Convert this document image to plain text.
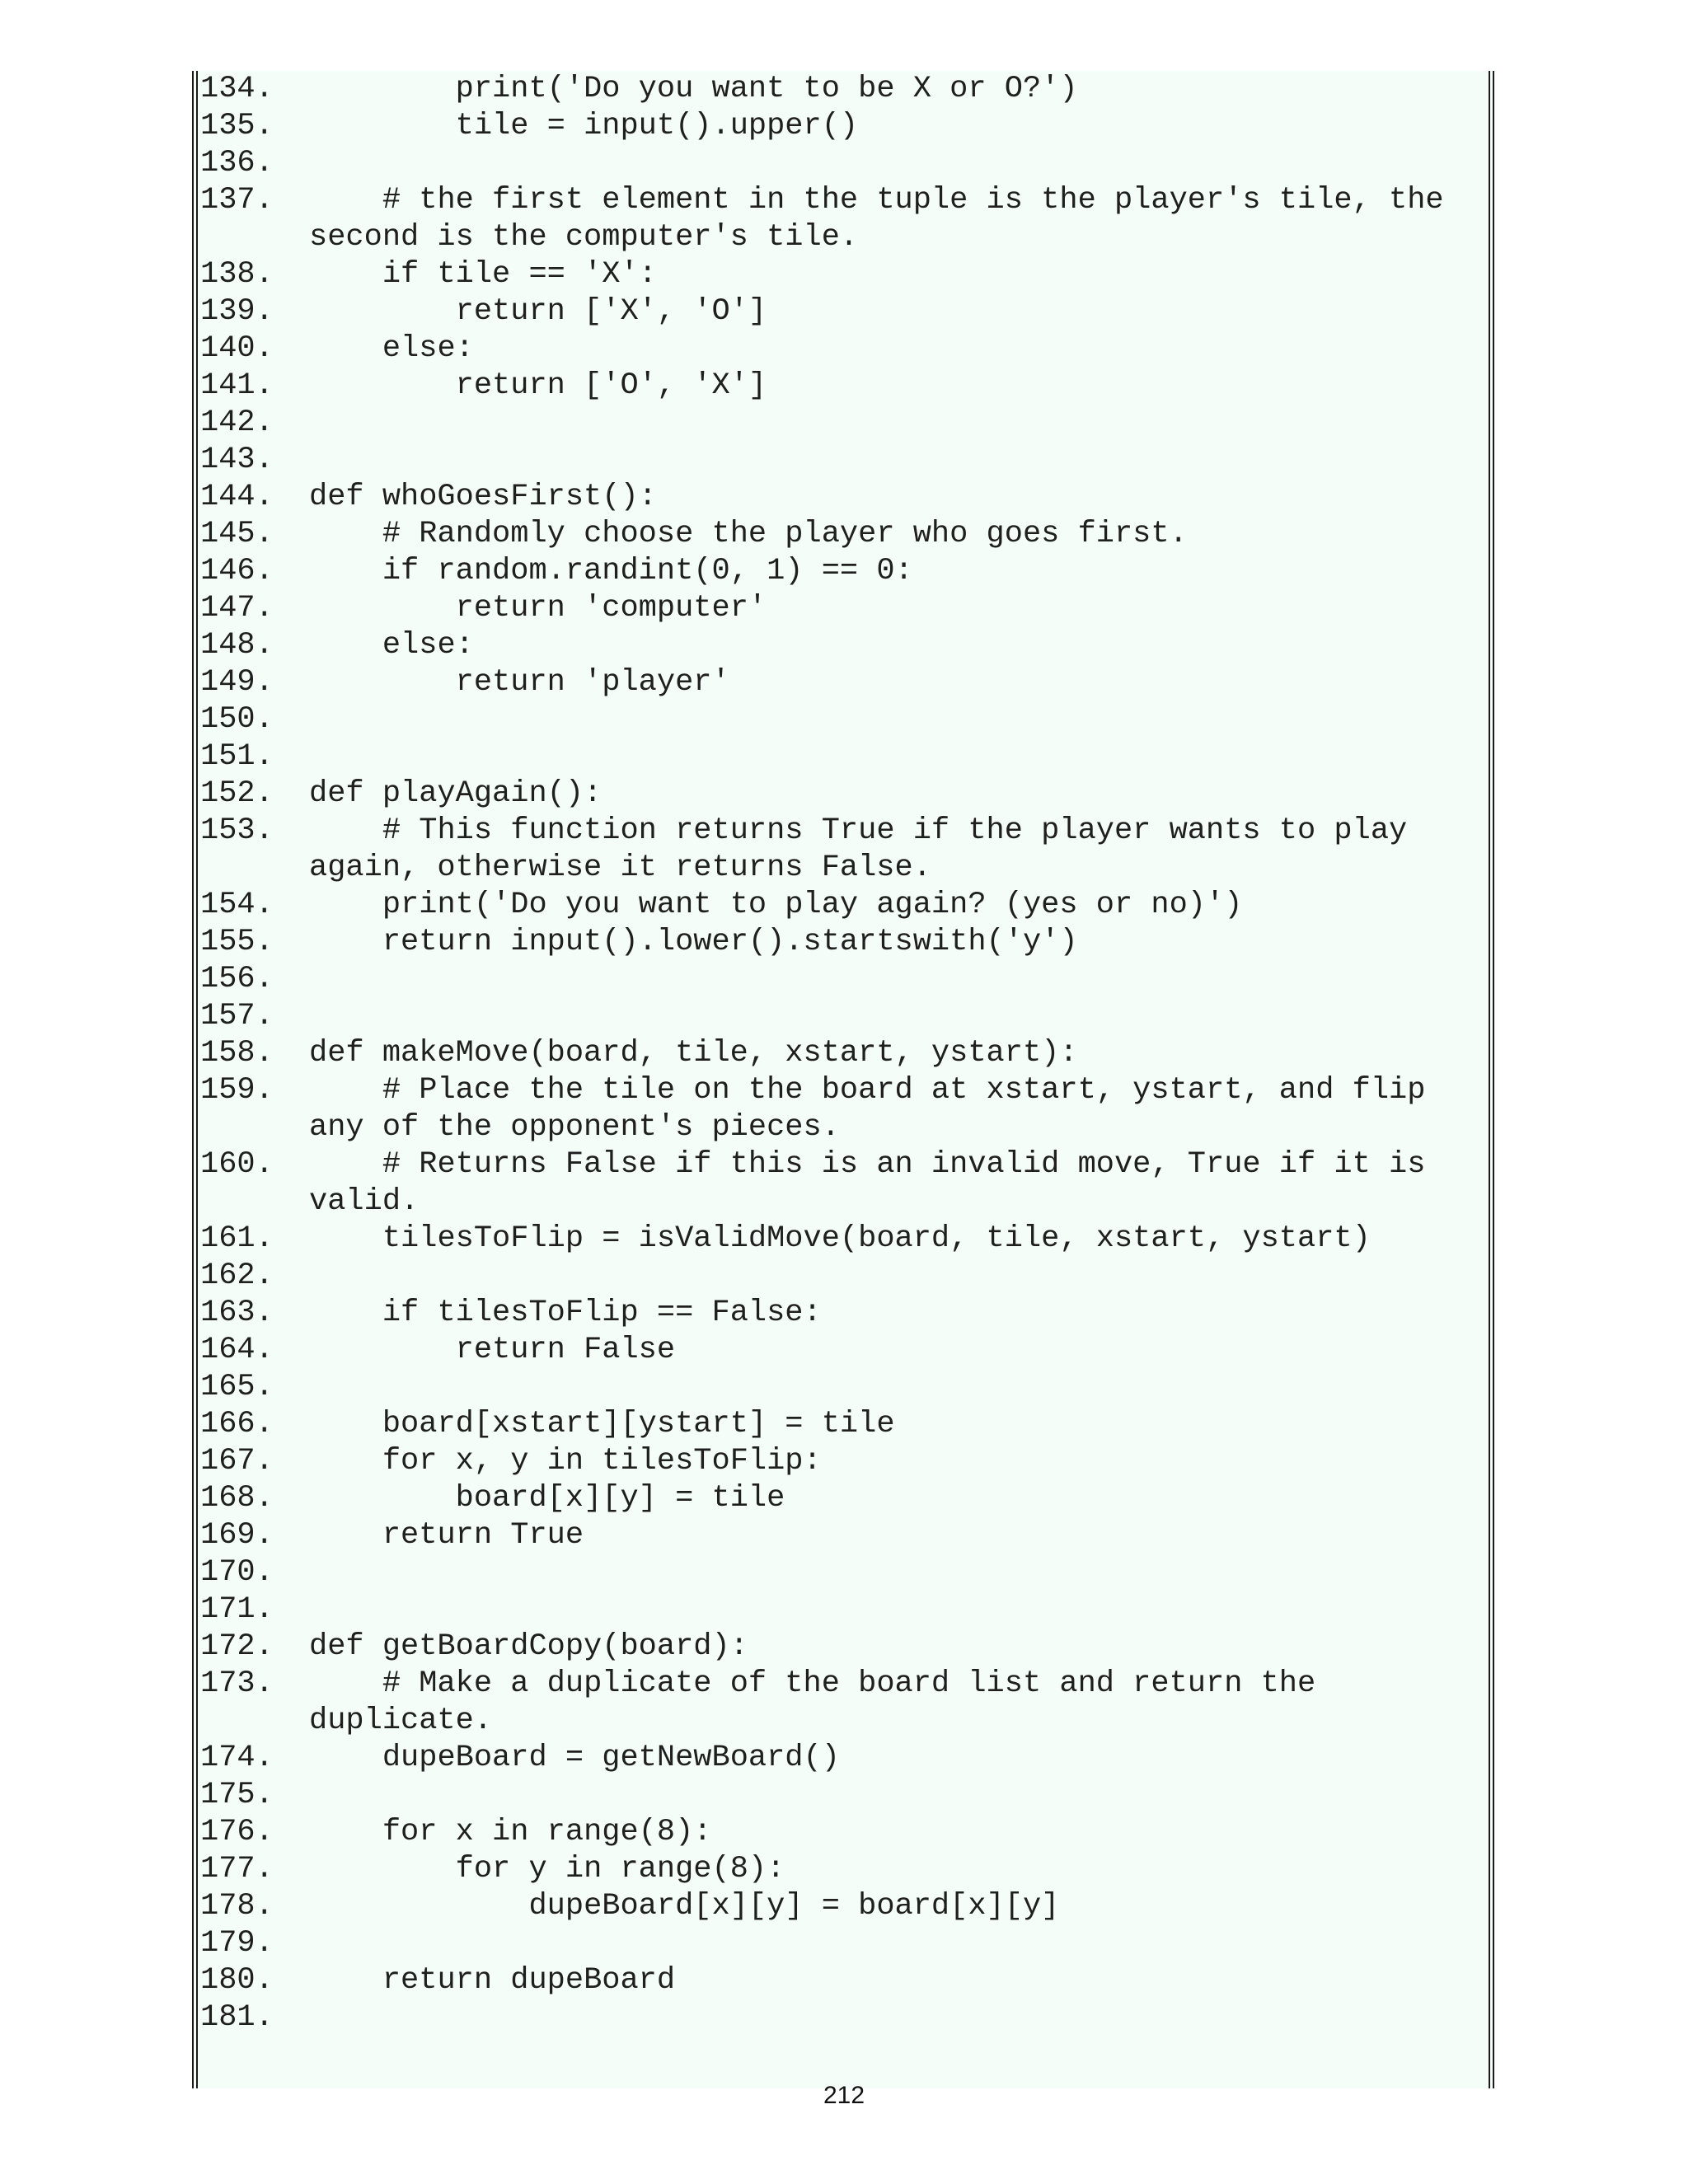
134.	print('Do you want to be X or O?')
135.	tile = input().upper()
136.
137.	# the first element in the tuple is the player's tile, the second is the computer's tile.
138.	if tile == 'X':
139.	return ['X', 'O']
140.	else:
141.	return ['O', 'X']
142.
143.
144.	def whoGoesFirst():
145.	# Randomly choose the player who goes first.
146.	if random.randint(0, 1) == 0:
147.	return 'computer'
148.	else:
149.	return 'player'
150.
151.
152.	def playAgain():
153.	# This function returns True if the player wants to play again, otherwise it returns False.
154.	print('Do you want to play again? (yes or no)')
155.	return input().lower().startswith('y')
156.
157.
158.	def makeMove(board, tile, xstart, ystart):
159.	# Place the tile on the board at xstart, ystart, and flip any of the opponent's pieces.
160.	# Returns False if this is an invalid move, True if it is valid.
161.	tilesToFlip = isValidMove(board, tile, xstart, ystart)
162.
163.	if tilesToFlip == False:
164.	return False
165.
166.	board[xstart][ystart] = tile
167.	for x, y in tilesToFlip:
168.	board[x][y] = tile
169.	return True
170.
171.
172.	def getBoardCopy(board):
173.	# Make a duplicate of the board list and return the duplicate.
174.	dupeBoard = getNewBoard()
175.
176.	for x in range(8):
177.	for y in range(8):
178.	dupeBoard[x][y] = board[x][y]
179.
180.	return dupeBoard
181.
212
